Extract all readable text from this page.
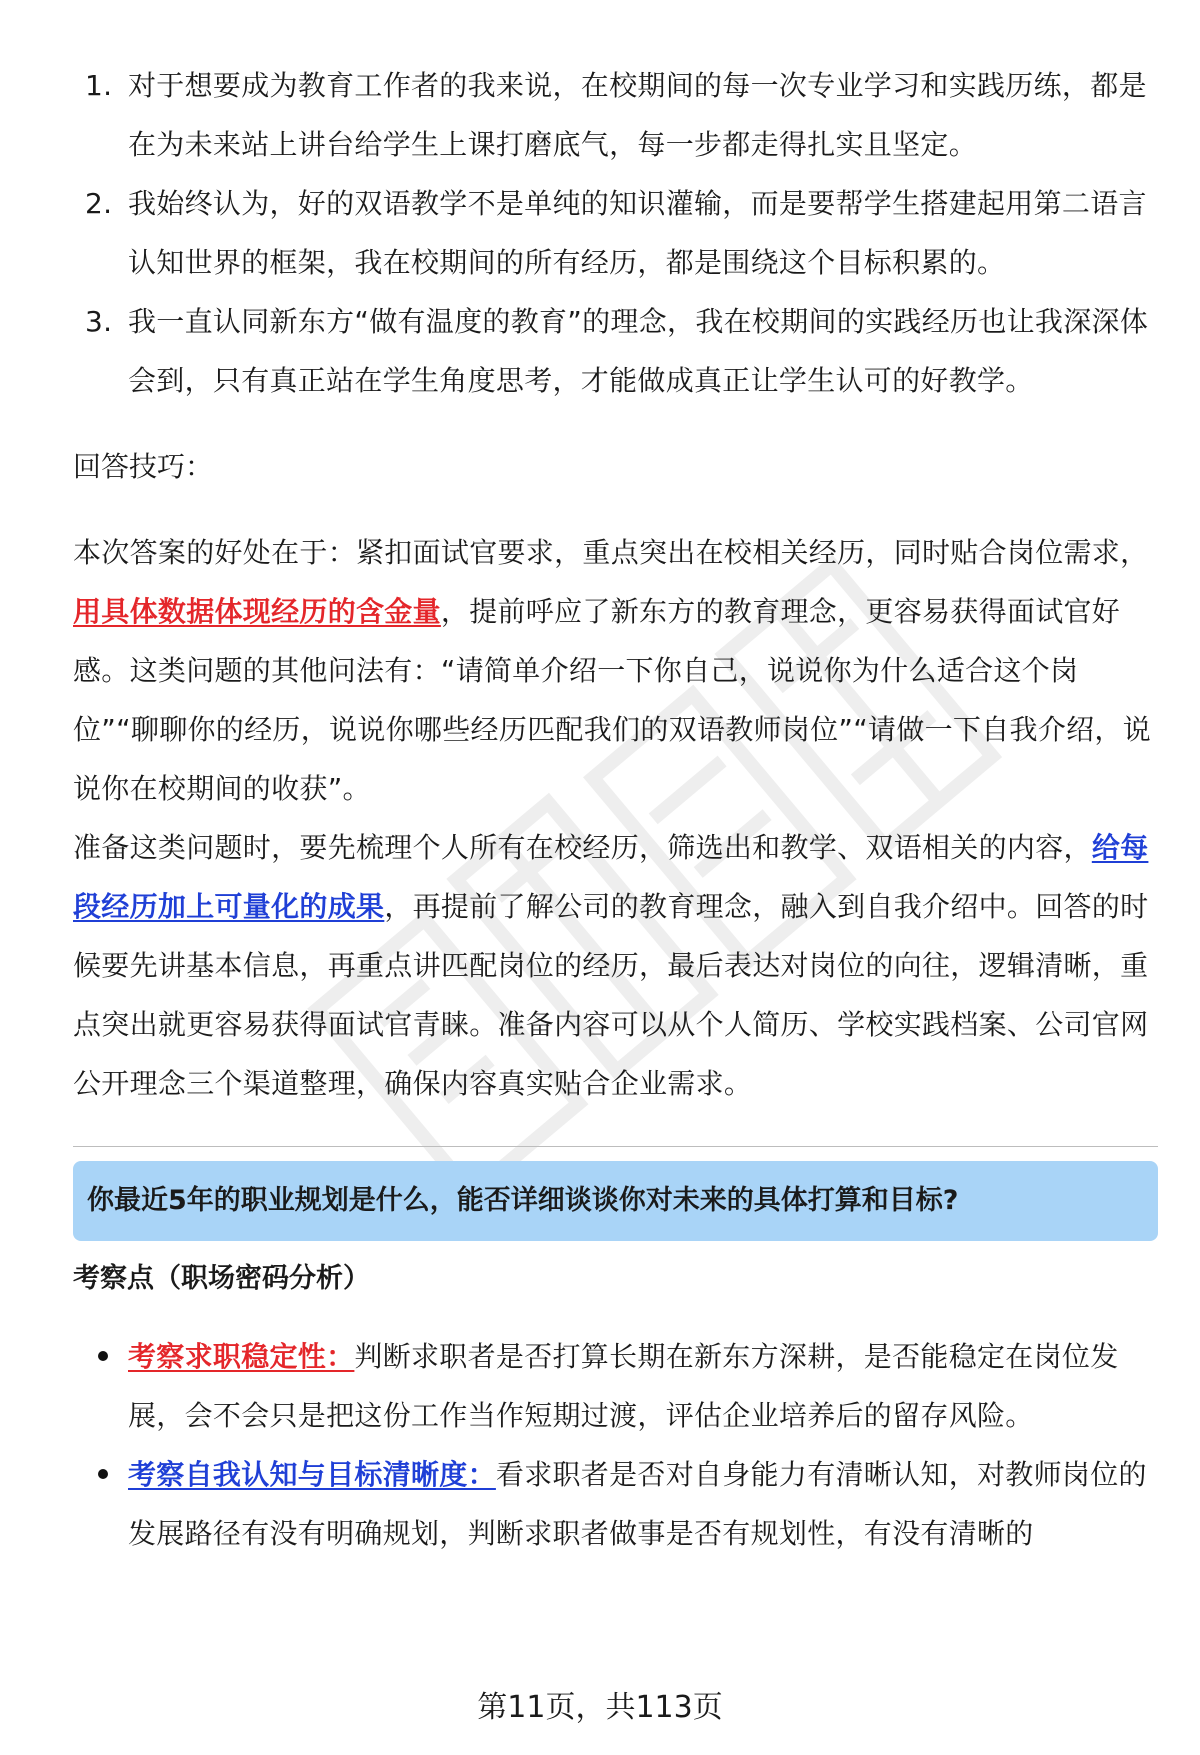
1. 对于想要成为教育工作者的我来说，在校期间的每一次专业学习和实践历练，都是在为未来站上讲台给学生上课打磨底气，每一步都走得扎实且坚定。
2. 我始终认为，好的双语教学不是单纯的知识灌输，而是要帮学生搭建起用第二语言认知世界的框架，我在校期间的所有经历，都是围绕这个目标积累的。
3. 我一直认同新东方“做有温度的教育”的理念，我在校期间的实践经历也让我深深体会到，只有真正站在学生角度思考，才能做成真正让学生认可的好教学。
回答技巧：

本次答案的好处在于：紧扣面试官要求，重点突出在校相关经历，同时贴合岗位需求，用具体数据体现经历的含金量，提前呼应了新东方的教育理念，更容易获得面试官好感。这类问题的其他问法有：“请简单介绍一下你自己，说说你为什么适合这个岗位”“聊聊你的经历，说说你哪些经历匹配我们的双语教师岗位”“请做一下自我介绍，说说你在校期间的收获”。

准备这类问题时，要先梳理个人所有在校经历，筛选出和教学、双语相关的内容，给每段经历加上可量化的成果，再提前了解公司的教育理念，融入到自我介绍中。回答的时候要先讲基本信息，再重点讲匹配岗位的经历，最后表达对岗位的向往，逻辑清晰，重点突出就更容易获得面试官青睐。准备内容可以从个人简历、学校实践档案、公司官网公开理念三个渠道整理，确保内容真实贴合企业需求。

你最近5年的职业规划是什么，能否详细谈谈你对未来的具体打算和目标?
考察点（职场密码分析）
考察求职稳定性：判断求职者是否打算长期在新东方深耕，是否能稳定在岗位发展，会不会只是把这份工作当作短期过渡，评估企业培养后的留存风险。
考察自我认知与目标清晰度：看求职者是否对自身能力有清晰认知，对教师岗位的发展路径有没有明确规划，判断求职者做事是否有规划性，有没有清晰的
第11页，共113页
